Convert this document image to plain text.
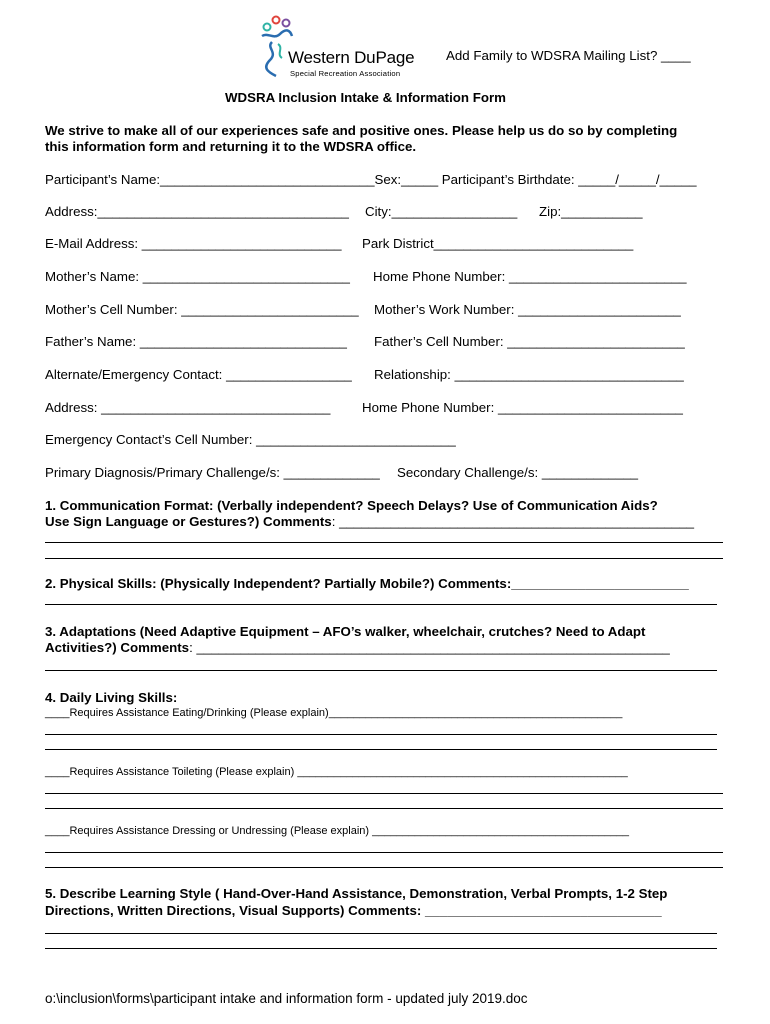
Western DuPage
Special Recreation Association
Add Family to WDSRA Mailing List? ____
WDSRA Inclusion Intake & Information Form
We strive to make all of our experiences safe and positive ones. Please help us do so by completing
this information form and returning it to the WDSRA office.
Participant’s Name:_____________________________Sex:_____ Participant’s Birthdate: _____/_____/_____
Address:__________________________________ City:_________________ Zip:___________
E-Mail Address: ___________________________ Park District___________________________
Mother’s Name: ____________________________ Home Phone Number: ________________________
Mother’s Cell Number: ________________________ Mother’s Work Number: ______________________
Father’s Name: ____________________________ Father’s Cell Number: ________________________
Alternate/Emergency Contact: _________________ Relationship: _______________________________
Address: _______________________________ Home Phone Number: _________________________
Emergency Contact’s Cell Number: ___________________________
Primary Diagnosis/Primary Challenge/s: _____________ Secondary Challenge/s: _____________
1. Communication Format: (Verbally independent? Speech Delays? Use of Communication Aids?
Use Sign Language or Gestures?) Comments: ________________________________________________
2. Physical Skills: (Physically Independent? Partially Mobile?) Comments:________________________
3. Adaptations (Need Adaptive Equipment – AFO’s walker, wheelchair, crutches? Need to Adapt
Activities?) Comments: ________________________________________________________________
4. Daily Living Skills:
____Requires Assistance Eating/Drinking (Please explain)________________________________________________
____Requires Assistance Toileting (Please explain) ______________________________________________________
____Requires Assistance Dressing or Undressing (Please explain) __________________________________________
5. Describe Learning Style ( Hand-Over-Hand Assistance, Demonstration, Verbal Prompts, 1-2 Step
Directions, Written Directions, Visual Supports) Comments: ________________________________
o:\inclusion\forms\participant intake and information form - updated july 2019.doc
